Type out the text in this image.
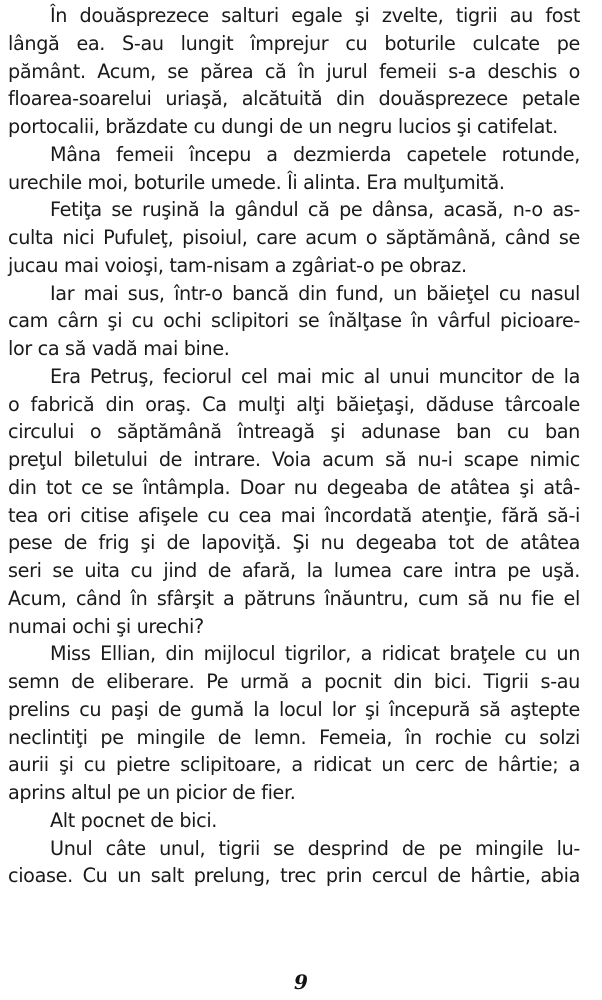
În douăsprezece salturi egale şi zvelte, tigrii au fost
lângă ea. S-au lungit împrejur cu boturile culcate pe
pământ. Acum, se părea că în jurul femeii s-a deschis o
floarea-soarelui uriaşă, alcătuită din douăsprezece petale
portocalii, brăzdate cu dungi de un negru lucios şi catifelat.

Mâna femeii începu a dezmierda capetele rotunde,
urechile moi, boturile umede. Îi alinta. Era mulţumită.

Fetiţa se ruşină la gândul că pe dânsa, acasă, n-o as-
culta nici Pufuleţ, pisoiul, care acum o săptămână, când se
jucau mai voioşi, tam-nisam a zgâriat-o pe obraz.

Iar mai sus, într-o bancă din fund, un băieţel cu nasul
cam cârn şi cu ochi sclipitori se înălţase în vârful picioare-
lor ca să vadă mai bine.

Era Petruş, feciorul cel mai mic al unui muncitor de la
o fabrică din oraş. Ca mulţi alţi băieţaşi, dăduse târcoale
circului o săptămână întreagă şi adunase ban cu ban
preţul biletului de intrare. Voia acum să nu-i scape nimic
din tot ce se întâmpla. Doar nu degeaba de atâtea şi atâ-
tea ori citise afişele cu cea mai încordată atenţie, fără să-i
pese de frig şi de lapoviţă. Şi nu degeaba tot de atâtea
seri se uita cu jind de afară, la lumea care intra pe uşă.
Acum, când în sfârşit a pătruns înăuntru, cum să nu fie el
numai ochi şi urechi?

Miss Ellian, din mijlocul tigrilor, a ridicat braţele cu un
semn de eliberare. Pe urmă a pocnit din bici. Tigrii s-au
prelins cu paşi de gumă la locul lor şi începură să aştepte
neclintiţi pe mingile de lemn. Femeia, în rochie cu solzi
aurii şi cu pietre sclipitoare, a ridicat un cerc de hârtie; a
aprins altul pe un picior de fier.

Alt pocnet de bici.

Unul câte unul, tigrii se desprind de pe mingile lu-
cioase. Cu un salt prelung, trec prin cercul de hârtie, abia

9
